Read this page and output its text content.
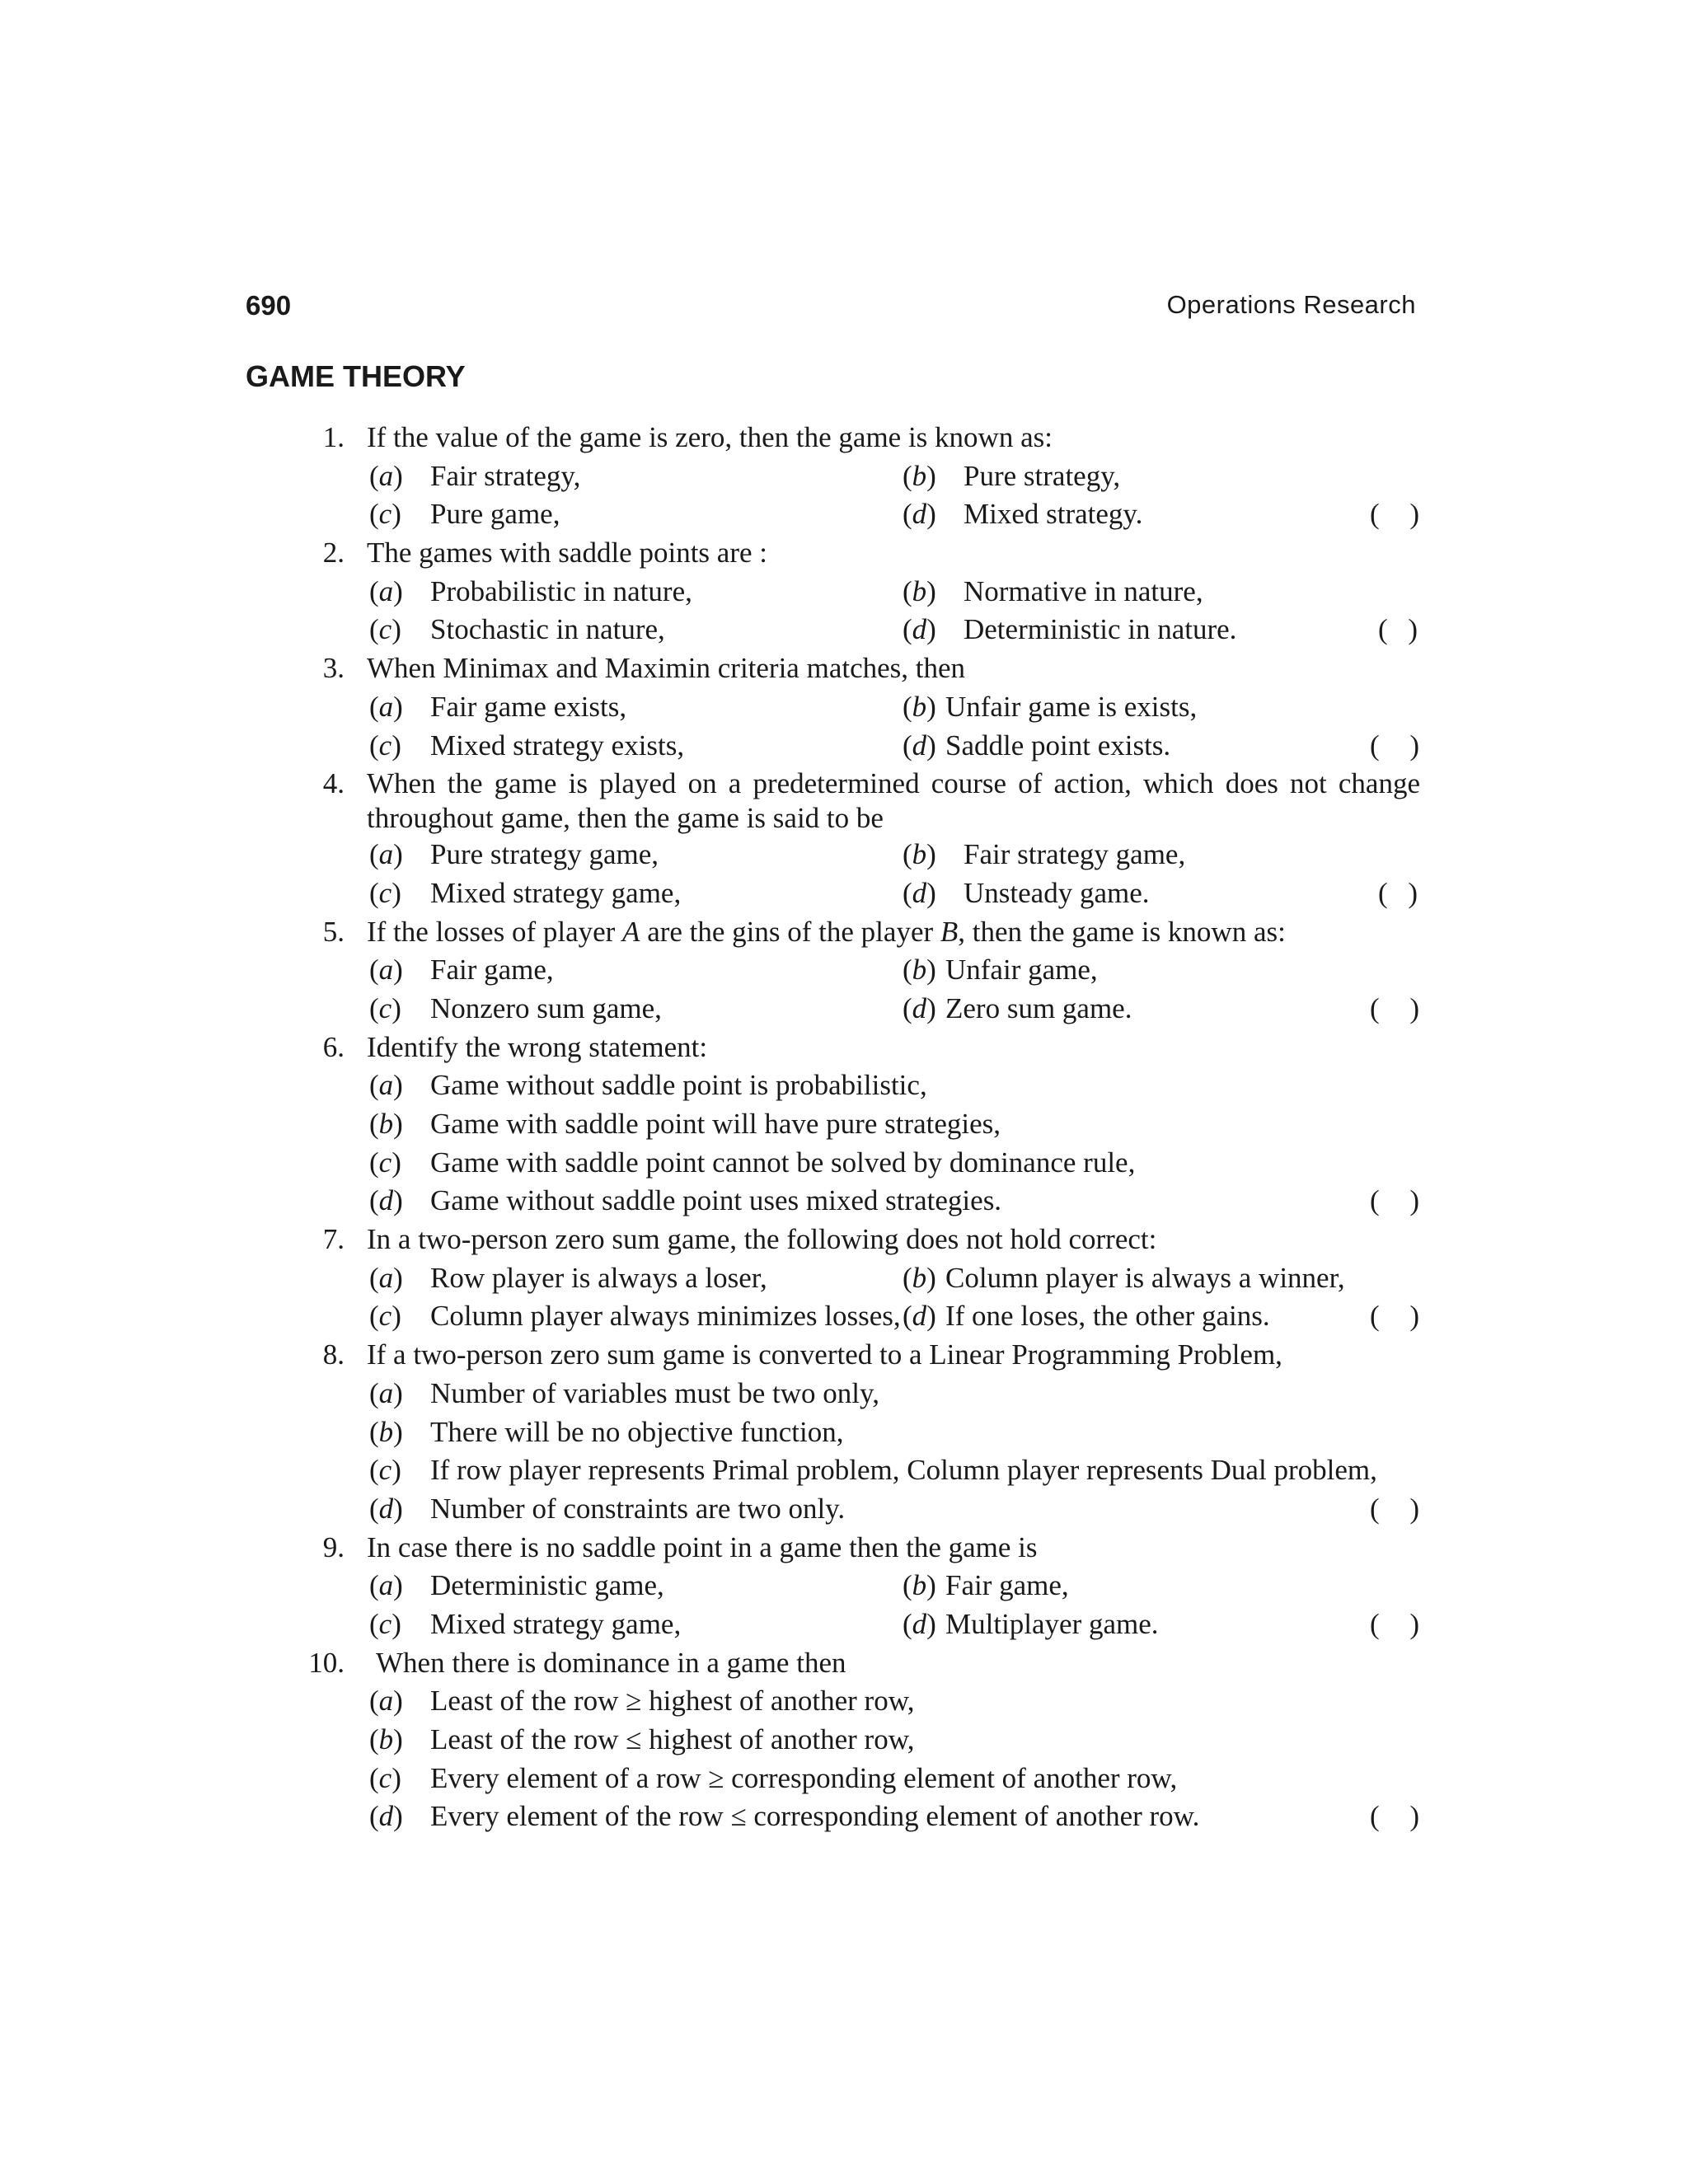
690	Operations Research
GAME THEORY
1. If the value of the game is zero, then the game is known as:
(a) Fair strategy,	(b) Pure strategy,
(c) Pure game,	(d) Mixed strategy.	( )
2. The games with saddle points are :
(a) Probabilistic in nature,	(b) Normative in nature,
(c) Stochastic in nature,	(d) Deterministic in nature.	( )
3. When Minimax and Maximin criteria matches, then
(a) Fair game exists,	(b) Unfair game is exists,
(c) Mixed strategy exists,	(d) Saddle point exists.	( )
4. When the game is played on a predetermined course of action, which does not change throughout game, then the game is said to be
(a) Pure strategy game,	(b) Fair strategy game,
(c) Mixed strategy game,	(d) Unsteady game.	( )
5. If the losses of player A are the gins of the player B, then the game is known as:
(a) Fair game,	(b) Unfair game,
(c) Nonzero sum game,	(d) Zero sum game.	( )
6. Identify the wrong statement:
(a) Game without saddle point is probabilistic,
(b) Game with saddle point will have pure strategies,
(c) Game with saddle point cannot be solved by dominance rule,
(d) Game without saddle point uses mixed strategies.	( )
7. In a two-person zero sum game, the following does not hold correct:
(a) Row player is always a loser,	(b) Column player is always a winner,
(c) Column player always minimizes losses, (d) If one loses, the other gains.	( )
8. If a two-person zero sum game is converted to a Linear Programming Problem,
(a) Number of variables must be two only,
(b) There will be no objective function,
(c) If row player represents Primal problem, Column player represents Dual problem,
(d) Number of constraints are two only.	( )
9. In case there is no saddle point in a game then the game is
(a) Deterministic game,	(b) Fair game,
(c) Mixed strategy game,	(d) Multiplayer game.	( )
10. When there is dominance in a game then
(a) Least of the row ≥ highest of another row,
(b) Least of the row ≤ highest of another row,
(c) Every element of a row ≥ corresponding element of another row,
(d) Every element of the row ≤ corresponding element of another row.	( )
